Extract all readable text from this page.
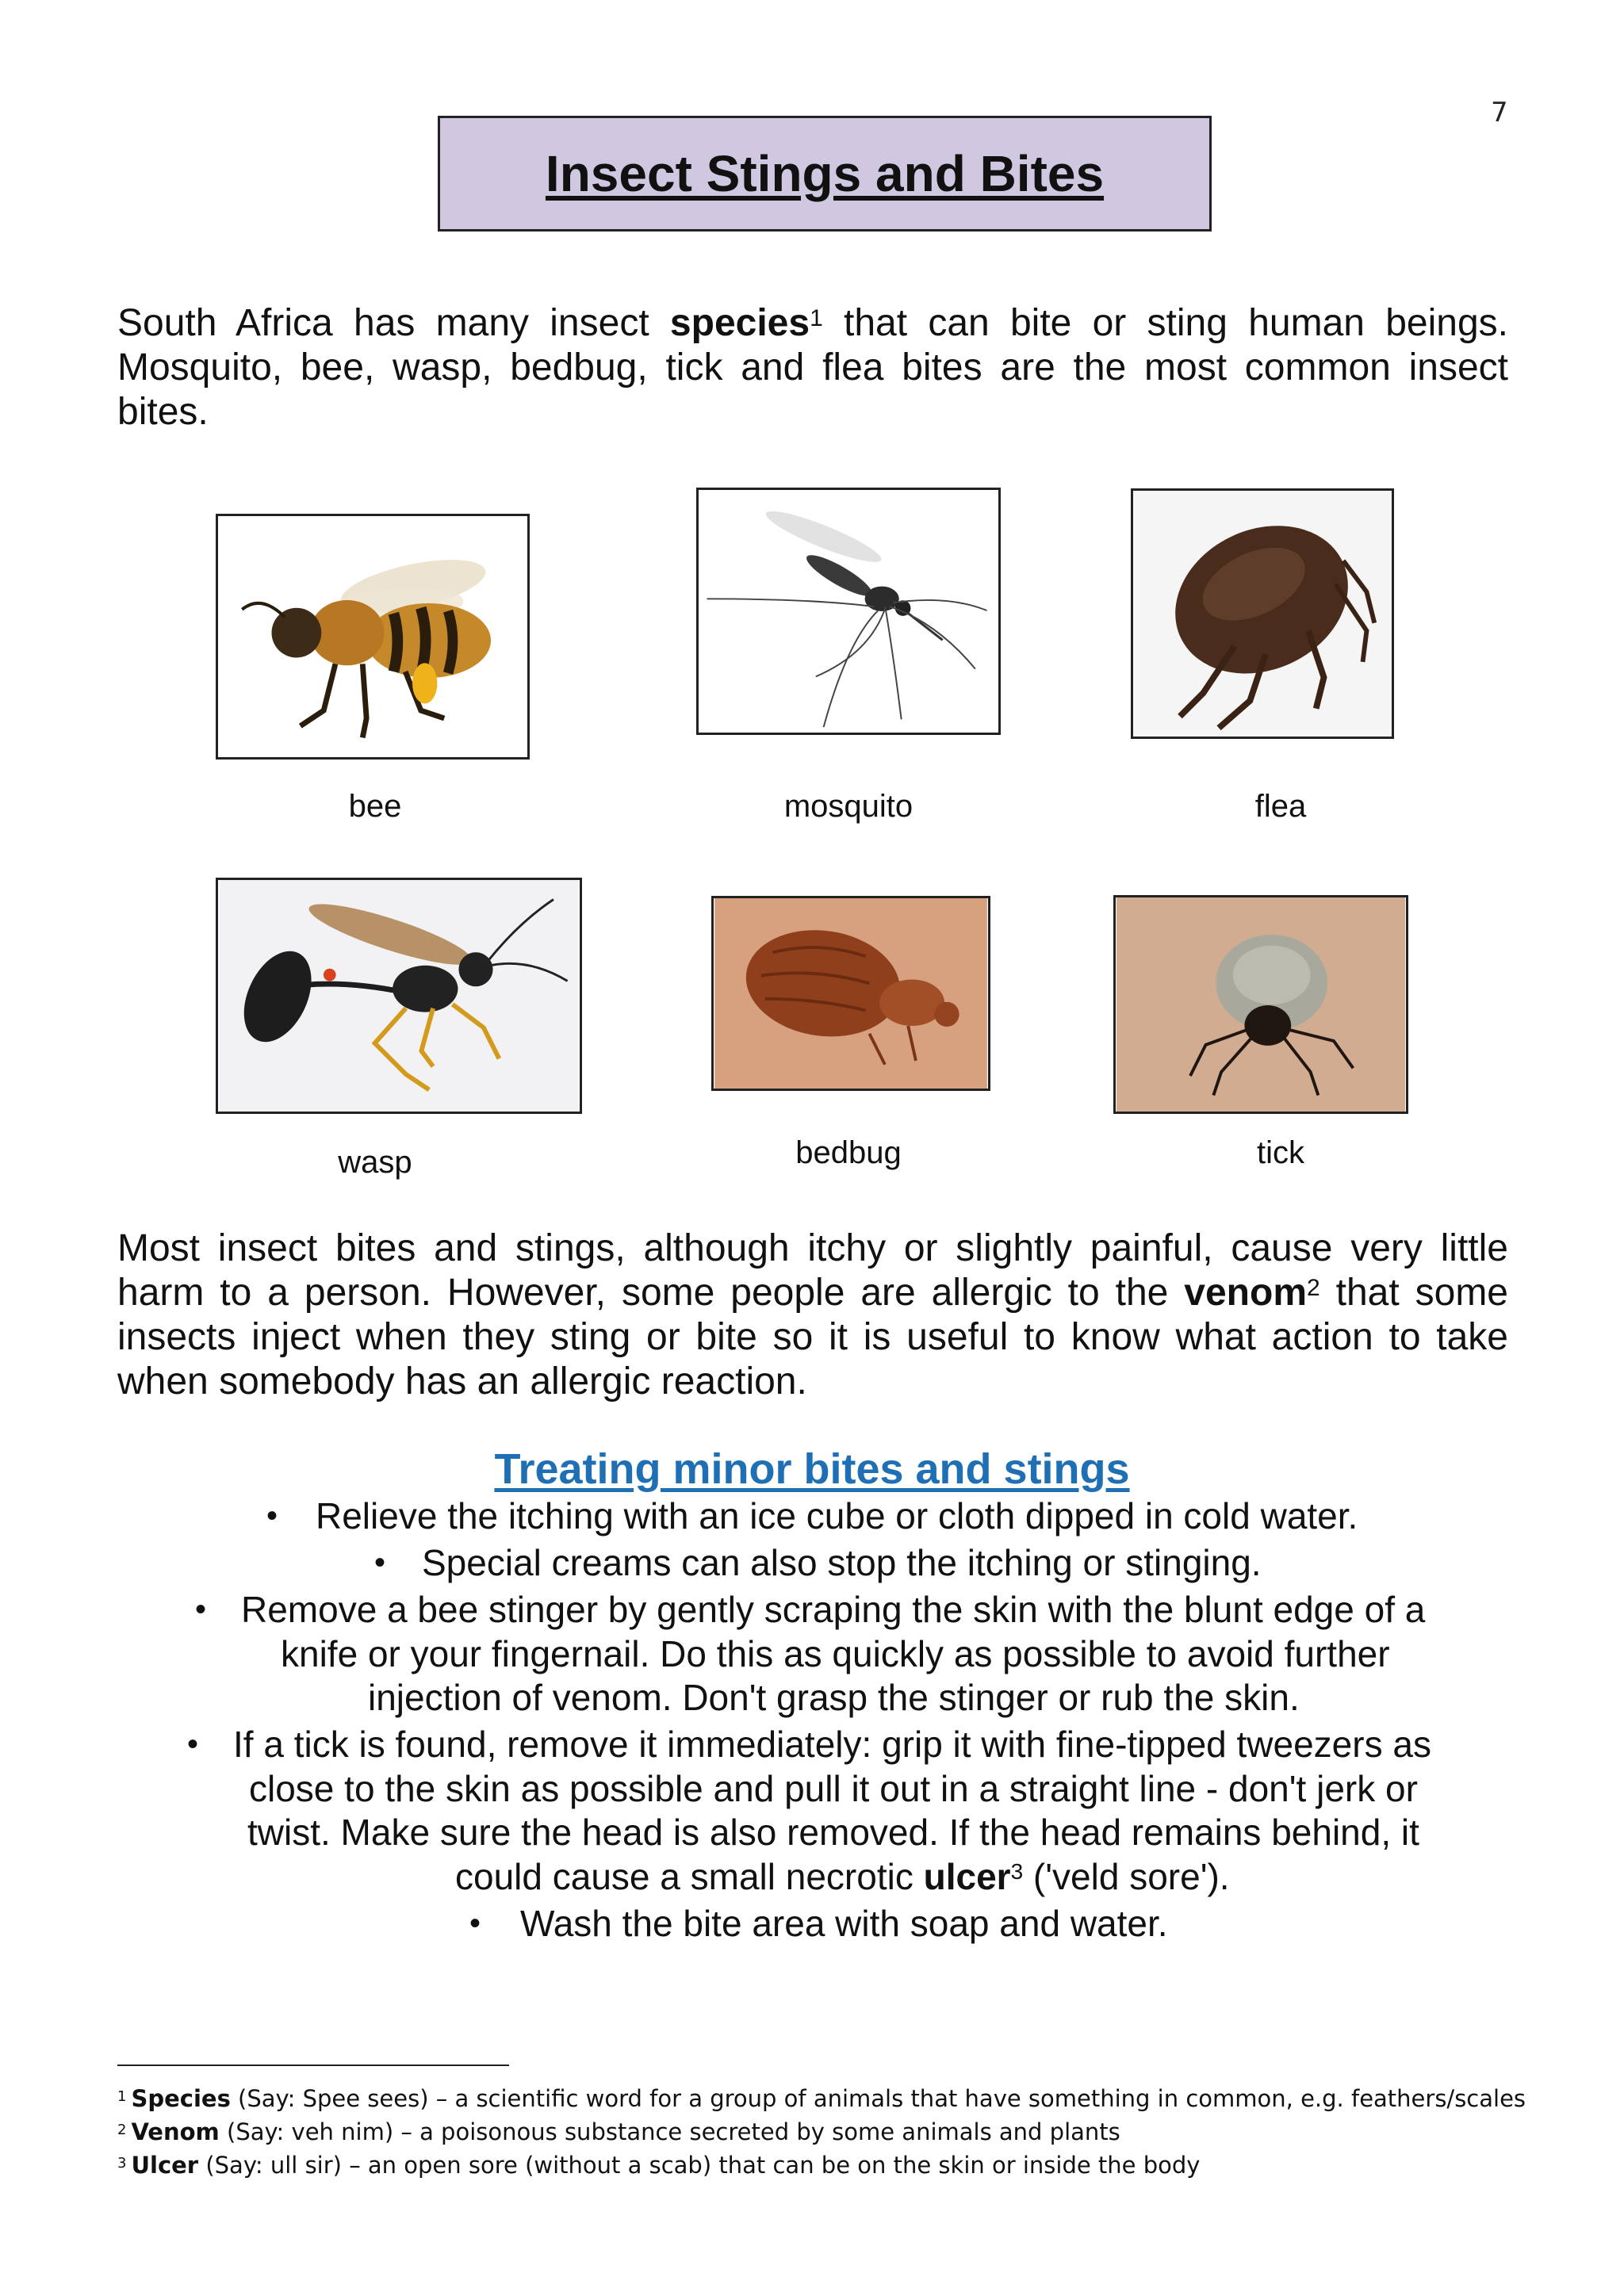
7
Insect Stings and Bites
South Africa has many insect species$^1$ that can bite or sting human beings. Mosquito, bee, wasp, bedbug, tick and flea bites are the most common insect bites.
bee	mosquito	flea
wasp	bedbug	tick
Most insect bites and stings, although itchy or slightly painful, cause very little harm to a person. However, some people are allergic to the venom$^2$ that some insects inject when they sting or bite so it is useful to know what action to take when somebody has an allergic reaction.
Treating minor bites and stings
• Relieve the itching with an ice cube or cloth dipped in cold water.
• Special creams can also stop the itching or stinging.
• Remove a bee stinger by gently scraping the skin with the blunt edge of a
knife or your fingernail. Do this as quickly as possible to avoid further
injection of venom. Don't grasp the stinger or rub the skin.
• If a tick is found, remove it immediately: grip it with fine-tipped tweezers as
close to the skin as possible and pull it out in a straight line - don't jerk or
twist. Make sure the head is also removed. If the head remains behind, it
could cause a small necrotic ulcer$^3$ ('veld sore').
• Wash the bite area with soap and water.
$^1$ Species (Say: Spee sees) – a scientific word for a group of animals that have something in common, e.g. feathers/scales
$^2$ Venom (Say: veh nim) – a poisonous substance secreted by some animals and plants
$^3$ Ulcer (Say: ull sir) – an open sore (without a scab) that can be on the skin or inside the body
